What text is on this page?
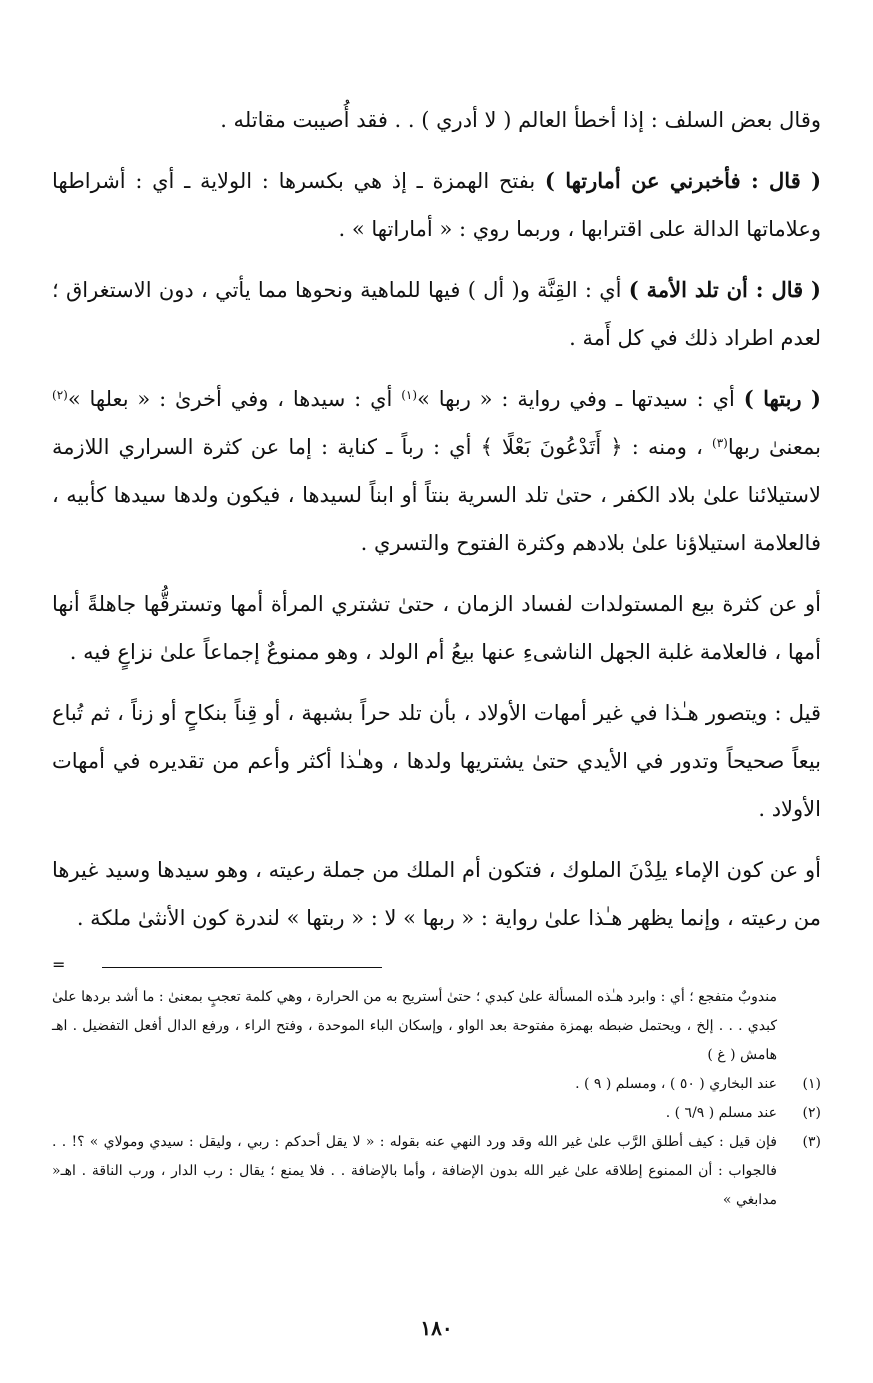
وقال بعض السلف : إذا أخطأ العالم ( لا أدري ) . . فقد أُصيبت مقاتله .

( قال : فأخبرني عن أمارتها ) بفتح الهمزة ـ إذ هي بكسرها : الولاية ـ أي : أشراطها وعلاماتها الدالة على اقترابها ، وربما روي : « أماراتها » .

( قال : أن تلد الأمة ) أي : القِنَّة و( أل ) فيها للماهية ونحوها مما يأتي ، دون الاستغراق ؛ لعدم اطراد ذلك في كل أَمة .

( ربتها ) أي : سيدتها ـ وفي رواية : « ربها »$^{(١)}$ أي : سيدها ، وفي أخرىٰ : « بعلها »$^{(٢)}$ بمعنىٰ ربها$^{(٣)}$ ، ومنه : ﴿ أَتَدْعُونَ بَعْلًا ﴾ أي : رباً ـ كناية : إما عن كثرة السراري اللازمة لاستيلائنا علىٰ بلاد الكفر ، حتىٰ تلد السرية بنتاً أو ابناً لسيدها ، فيكون ولدها سيدها كأبيه ، فالعلامة استيلاؤنا علىٰ بلادهم وكثرة الفتوح والتسري .

أو عن كثرة بيع المستولدات لفساد الزمان ، حتىٰ تشتري المرأة أمها وتسترقُّها جاهلةً أنها أمها ، فالعلامة غلبة الجهل الناشىءِ عنها بيعُ أم الولد ، وهو ممنوعٌ إجماعاً علىٰ نزاعٍ فيه .

قيل : ويتصور هـٰذا في غير أمهات الأولاد ، بأن تلد حراً بشبهة ، أو قِناً بنكاحٍ أو زناً ، ثم تُباع بيعاً صحيحاً وتدور في الأيدي حتىٰ يشتريها ولدها ، وهـٰذا أكثر وأعم من تقديره في أمهات الأولاد .

أو عن كون الإماء يلِدْنَ الملوك ، فتكون أم الملك من جملة رعيته ، وهو سيدها وسيد غيرها من رعيته ، وإنما يظهر هـٰذا علىٰ رواية : « ربها » لا : « ربتها » لندرة كون الأنثىٰ ملكة .

=
مندوبٌ متفجع ؛ أي : وابرد هـٰذه المسألة علىٰ كبدي ؛ حتىٰ أستريح به من الحرارة ، وهي كلمة تعجبٍ بمعنىٰ : ما أشد بردها علىٰ كبدي . . . إلخ ، ويحتمل ضبطه بهمزة مفتوحة بعد الواو ، وإسكان الباء الموحدة ، وفتح الراء ، ورفع الدال أفعل التفضيل . اهـ هامش ( غ )
(١)
عند البخاري ( ٥٠ ) ، ومسلم ( ٩ ) .
(٢)
عند مسلم ( ٦/٩ ) .
(٣)
فإن قيل : كيف أطلق الرَّب علىٰ غير الله وقد ورد النهي عنه بقوله : « لا يقل أحدكم : ربي ، وليقل : سيدي ومولاي » ؟! . . فالجواب : أن الممنوع إطلاقه علىٰ غير الله بدون الإضافة ، وأما بالإضافة . . فلا يمنع ؛ يقال : رب الدار ، ورب الناقة . اهـ« مدابغي »
١٨٠
